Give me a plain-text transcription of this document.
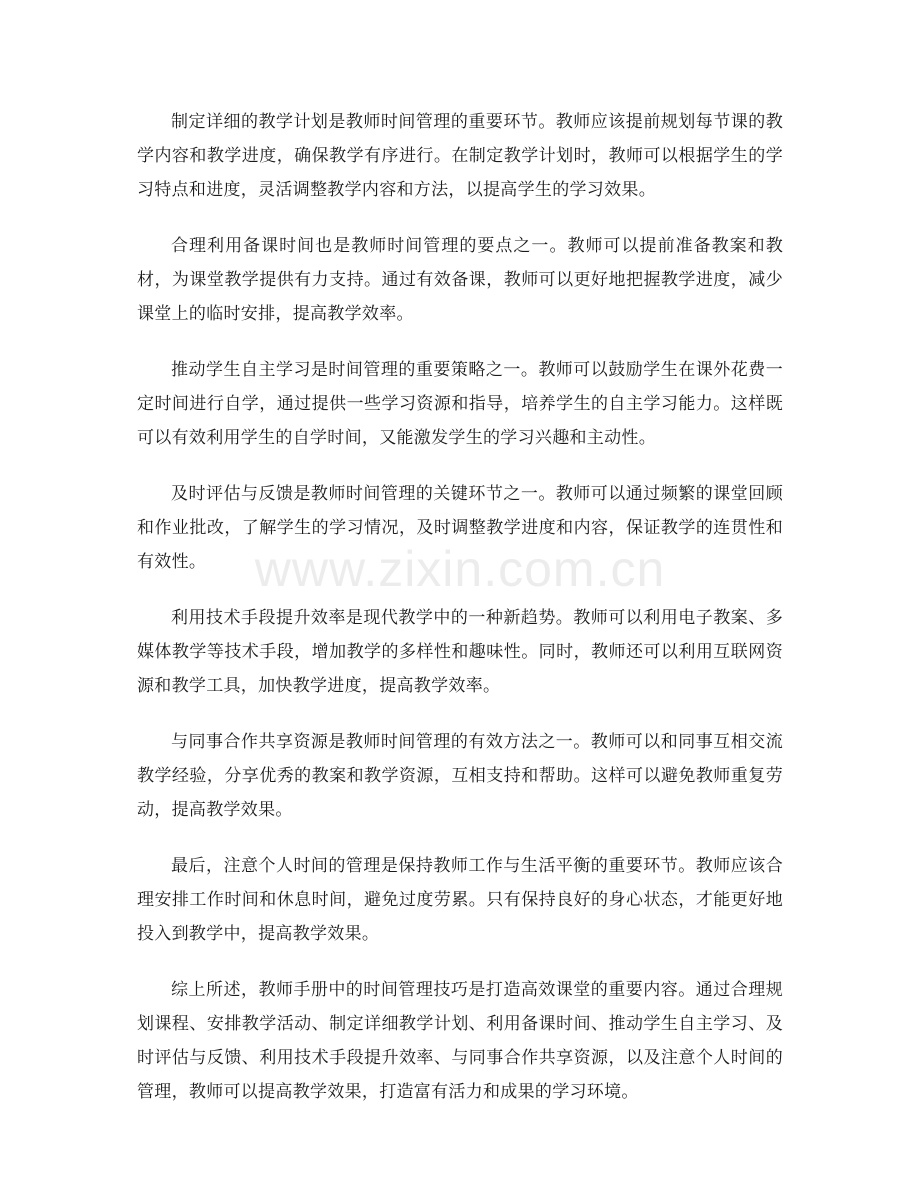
制定详细的教学计划是教师时间管理的重要环节。教师应该提前规划每节课的教学内容和教学进度，确保教学有序进行。在制定教学计划时，教师可以根据学生的学习特点和进度，灵活调整教学内容和方法，以提高学生的学习效果。

合理利用备课时间也是教师时间管理的要点之一。教师可以提前准备教案和教材，为课堂教学提供有力支持。通过有效备课，教师可以更好地把握教学进度，减少课堂上的临时安排，提高教学效率。

推动学生自主学习是时间管理的重要策略之一。教师可以鼓励学生在课外花费一定时间进行自学，通过提供一些学习资源和指导，培养学生的自主学习能力。这样既可以有效利用学生的自学时间，又能激发学生的学习兴趣和主动性。

及时评估与反馈是教师时间管理的关键环节之一。教师可以通过频繁的课堂回顾和作业批改，了解学生的学习情况，及时调整教学进度和内容，保证教学的连贯性和有效性。

利用技术手段提升效率是现代教学中的一种新趋势。教师可以利用电子教案、多媒体教学等技术手段，增加教学的多样性和趣味性。同时，教师还可以利用互联网资源和教学工具，加快教学进度，提高教学效率。

与同事合作共享资源是教师时间管理的有效方法之一。教师可以和同事互相交流教学经验，分享优秀的教案和教学资源，互相支持和帮助。这样可以避免教师重复劳动，提高教学效果。

最后，注意个人时间的管理是保持教师工作与生活平衡的重要环节。教师应该合理安排工作时间和休息时间，避免过度劳累。只有保持良好的身心状态，才能更好地投入到教学中，提高教学效果。

综上所述，教师手册中的时间管理技巧是打造高效课堂的重要内容。通过合理规划课程、安排教学活动、制定详细教学计划、利用备课时间、推动学生自主学习、及时评估与反馈、利用技术手段提升效率、与同事合作共享资源，以及注意个人时间的管理，教师可以提高教学效果，打造富有活力和成果的学习环境。

www.zixin.com.cn
